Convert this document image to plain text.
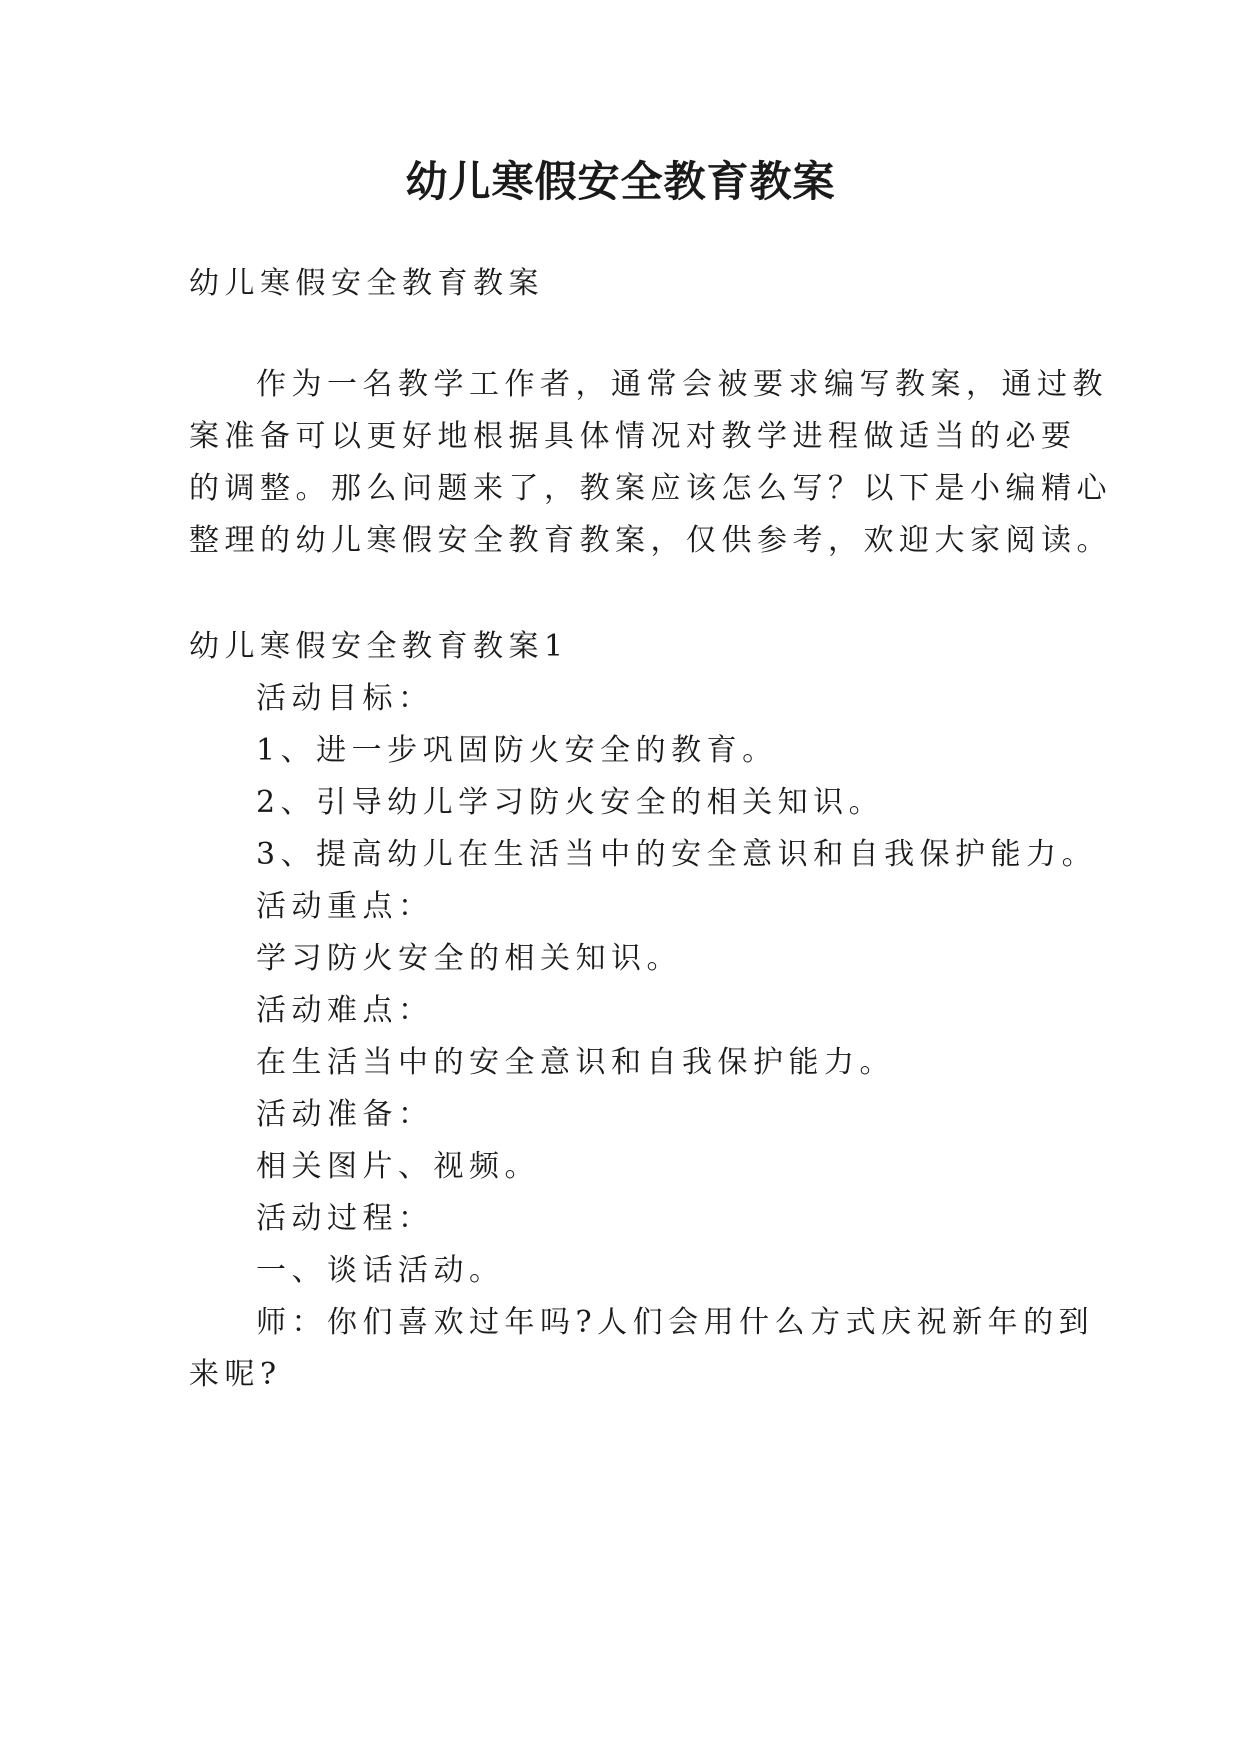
幼儿寒假安全教育教案

幼儿寒假安全教育教案

作为一名教学工作者，通常会被要求编写教案，通过教

案准备可以更好地根据具体情况对教学进程做适当的必要

的调整。那么问题来了，教案应该怎么写？以下是小编精心

整理的幼儿寒假安全教育教案，仅供参考，欢迎大家阅读。

幼儿寒假安全教育教案1

活动目标：

1、进一步巩固防火安全的教育。

2、引导幼儿学习防火安全的相关知识。

3、提高幼儿在生活当中的安全意识和自我保护能力。

活动重点：

学习防火安全的相关知识。

活动难点：

在生活当中的安全意识和自我保护能力。

活动准备：

相关图片、视频。

活动过程：

一、谈话活动。

师：你们喜欢过年吗?人们会用什么方式庆祝新年的到

来呢?
